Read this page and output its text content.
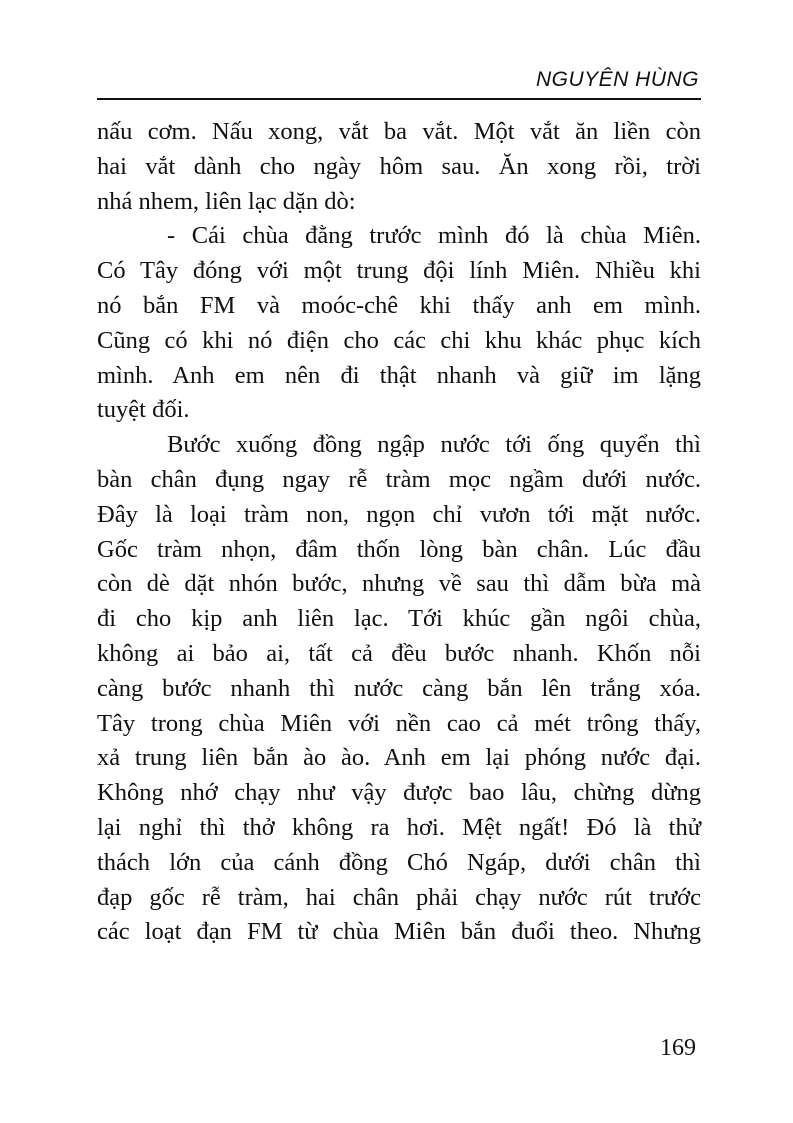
NGUYÊN HÙNG
nấu cơm. Nấu xong, vắt ba vắt. Một vắt ăn liền còn
hai vắt dành cho ngày hôm sau. Ăn xong rồi, trời
nhá nhem, liên lạc dặn dò:
- Cái chùa đằng trước mình đó là chùa Miên.
Có Tây đóng với một trung đội lính Miên. Nhiều khi
nó bắn FM và moóc-chê khi thấy anh em mình.
Cũng có khi nó điện cho các chi khu khác phục kích
mình. Anh em nên đi thật nhanh và giữ im lặng
tuyệt đối.
Bước xuống đồng ngập nước tới ống quyển thì
bàn chân đụng ngay rễ tràm mọc ngầm dưới nước.
Đây là loại tràm non, ngọn chỉ vươn tới mặt nước.
Gốc tràm nhọn, đâm thốn lòng bàn chân. Lúc đầu
còn dè dặt nhón bước, nhưng về sau thì dẫm bừa mà
đi cho kịp anh liên lạc. Tới khúc gần ngôi chùa,
không ai bảo ai, tất cả đều bước nhanh. Khốn nỗi
càng bước nhanh thì nước càng bắn lên trắng xóa.
Tây trong chùa Miên với nền cao cả mét trông thấy,
xả trung liên bắn ào ào. Anh em lại phóng nước đại.
Không nhớ chạy như vậy được bao lâu, chừng dừng
lại nghỉ thì thở không ra hơi. Mệt ngất! Đó là thử
thách lớn của cánh đồng Chó Ngáp, dưới chân thì
đạp gốc rễ tràm, hai chân phải chạy nước rút trước
các loạt đạn FM từ chùa Miên bắn đuổi theo. Nhưng
169
